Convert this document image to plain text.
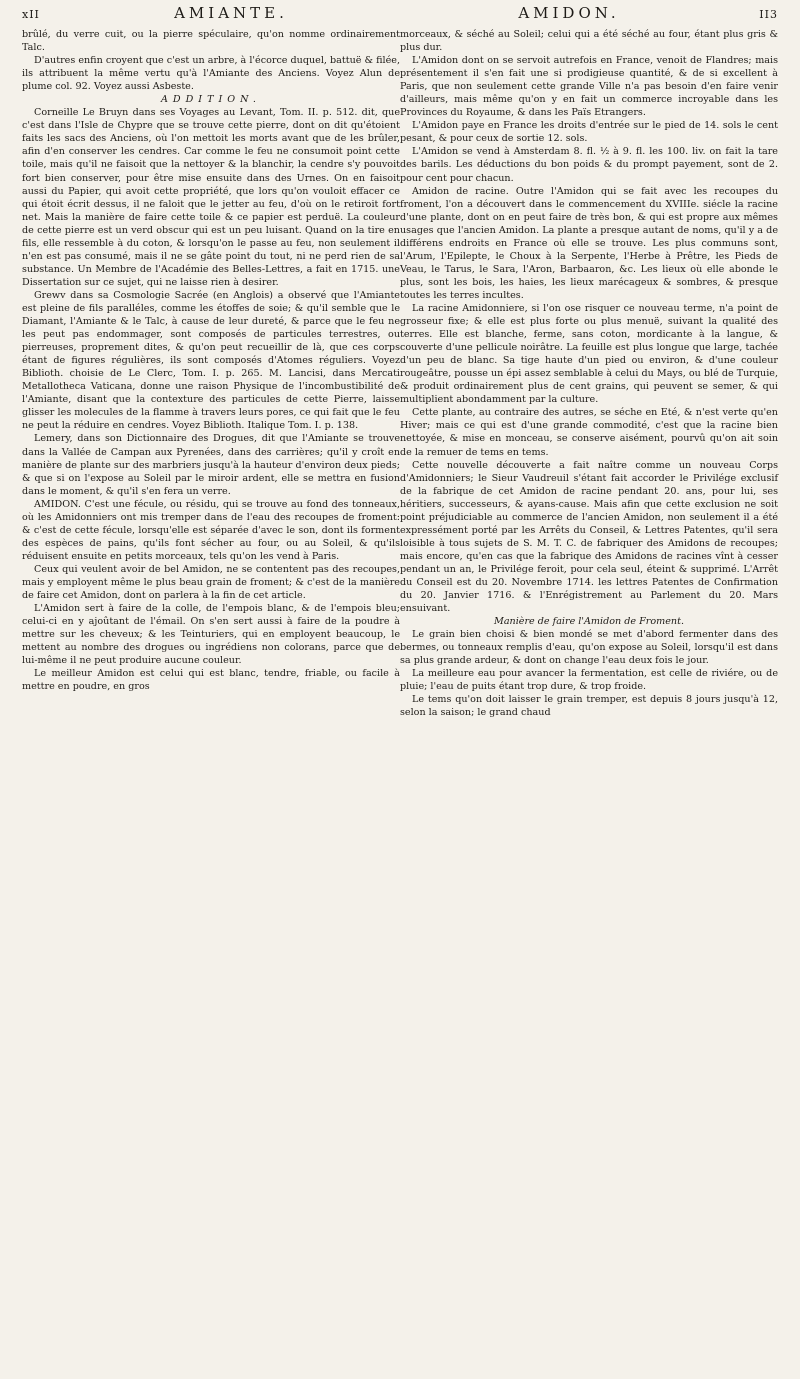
xII	AMIANTE.	AMIDON.	II3

brûlé, du verre cuit, ou la pierre spéculaire, qu'on nomme ordinairement Talc.

D'autres enfin croyent que c'est un arbre, à l'écorce duquel, battuë & filée, ils attribuent la même vertu qu'à l'Amiante des Anciens. Voyez Alun de plume col. 92. Voyez aussi Asbeste.

ADDITION.

Corneille Le Bruyn dans ses Voyages au Levant, Tom. II. p. 512. dit, que c'est dans l'Isle de Chypre que se trouve cette pierre, dont on dit qu'étoient faits les sacs des Anciens, où l'on mettoit les morts avant que de les brûler, afin d'en conserver les cendres. Car comme le feu ne consumoit point cette toile, mais qu'il ne faisoit que la nettoyer & la blanchir, la cendre s'y pouvoit fort bien conserver, pour être mise ensuite dans des Urnes. On en faisoit aussi du Papier, qui avoit cette propriété, que lors qu'on vouloit effacer ce qui étoit écrit dessus, il ne faloit que le jetter au feu, d'où on le retiroit fort net. Mais la manière de faire cette toile & ce papier est perduë. La couleur de cette pierre est un verd obscur qui est un peu luisant. Quand on la tire en fils, elle ressemble à du coton, & lorsqu'on le passe au feu, non seulement il n'en est pas consumé, mais il ne se gâte point du tout, ni ne perd rien de sa substance. Un Membre de l'Académie des Belles-Lettres, a fait en 1715. une Dissertation sur ce sujet, qui ne laisse rien à desirer.

Grewv dans sa Cosmologie Sacrée (en Anglois) a observé que l'Amiante est pleine de fils paralléles, comme les étoffes de soie; & qu'il semble que le Diamant, l'Amiante & le Talc, à cause de leur dureté, & parce que le feu ne les peut pas endommager, sont composés de particules terrestres, ou pierreuses, proprement dites, & qu'on peut recueillir de là, que ces corps étant de figures régulières, ils sont composés d'Atomes réguliers. Voyez Biblioth. choisie de Le Clerc, Tom. I. p. 265. M. Lancisi, dans Mercati Metallotheca Vaticana, donne une raison Physique de l'incombustibilité de l'Amiante, disant que la contexture des particules de cette Pierre, laisse glisser les molecules de la flamme à travers leurs pores, ce qui fait que le feu ne peut la réduire en cendres. Voyez Biblioth. Italique Tom. I. p. 138.

Lemery, dans son Dictionnaire des Drogues, dit que l'Amiante se trouve dans la Vallée de Campan aux Pyrenées, dans des carrières; qu'il y croît en manière de plante sur des marbriers jusqu'à la hauteur d'environ deux pieds; & que si on l'expose au Soleil par le miroir ardent, elle se mettra en fusion dans le moment, & qu'il s'en fera un verre.

AMIDON. C'est une fécule, ou résidu, qui se trouve au fond des tonneaux, où les Amidonniers ont mis tremper dans de l'eau des recoupes de froment: & c'est de cette fécule, lorsqu'elle est séparée d'avec le son, dont ils forment des espèces de pains, qu'ils font sécher au four, ou au Soleil, & qu'ils réduisent ensuite en petits morceaux, tels qu'on les vend à Paris.

Ceux qui veulent avoir de bel Amidon, ne se contentent pas des recoupes, mais y employent même le plus beau grain de froment; & c'est de la manière de faire cet Amidon, dont on parlera à la fin de cet article.

L'Amidon sert à faire de la colle, de l'empois blanc, & de l'empois bleu; celui-ci en y ajoûtant de l'émail. On s'en sert aussi à faire de la poudre à mettre sur les cheveux; & les Teinturiers, qui en employent beaucoup, le mettent au nombre des drogues ou ingrédiens non colorans, parce que de lui-même il ne peut produire aucune couleur.

Le meilleur Amidon est celui qui est blanc, tendre, friable, ou facile à mettre en poudre, en gros

morceaux, & séché au Soleil; celui qui a été séché au four, étant plus gris & plus dur.

L'Amidon dont on se servoit autrefois en France, venoit de Flandres; mais présentement il s'en fait une si prodigieuse quantité, & de si excellent à Paris, que non seulement cette grande Ville n'a pas besoin d'en faire venir d'ailleurs, mais même qu'on y en fait un commerce incroyable dans les Provinces du Royaume, & dans les Païs Etrangers.

L'Amidon paye en France les droits d'entrée sur le pied de 14. sols le cent pesant, & pour ceux de sortie 12. sols.

L'Amidon se vend à Amsterdam 8. fl. ½ à 9. fl. les 100. liv. on fait la tare des barils. Les déductions du bon poids & du prompt payement, sont de 2. pour cent pour chacun.

Amidon de racine. Outre l'Amidon qui se fait avec les recoupes du froment, l'on a découvert dans le commencement du XVIIIe. siécle la racine d'une plante, dont on en peut faire de très bon, & qui est propre aux mêmes usages que l'ancien Amidon. La plante a presque autant de noms, qu'il y a de différens endroits en France où elle se trouve. Les plus communs sont, l'Arum, l'Epilepte, le Choux à la Serpente, l'Herbe à Prêtre, les Pieds de Veau, le Tarus, le Sara, l'Aron, Barbaaron, &c. Les lieux où elle abonde le plus, sont les bois, les haies, les lieux marécageux & sombres, & presque toutes les terres incultes.

La racine Amidonniere, si l'on ose risquer ce nouveau terme, n'a point de grosseur fixe; & elle est plus forte ou plus menuë, suivant la qualité des terres. Elle est blanche, ferme, sans coton, mordicante à la langue, & couverte d'une pellicule noirâtre. La feuille est plus longue que large, tachée d'un peu de blanc. Sa tige haute d'un pied ou environ, & d'une couleur rougeâtre, pousse un épi assez semblable à celui du Mays, ou blé de Turquie, & produit ordinairement plus de cent grains, qui peuvent se semer, & qui multiplient abondamment par la culture.

Cette plante, au contraire des autres, se séche en Eté, & n'est verte qu'en Hiver; mais ce qui est d'une grande commodité, c'est que la racine bien nettoyée, & mise en monceau, se conserve aisément, pourvû qu'on ait soin de la remuer de tems en tems.

Cette nouvelle découverte a fait naître comme un nouveau Corps d'Amidonniers; le Sieur Vaudreuil s'étant fait accorder le Privilége exclusif de la fabrique de cet Amidon de racine pendant 20. ans, pour lui, ses héritiers, successeurs, & ayans-cause. Mais afin que cette exclusion ne soit point préjudiciable au commerce de l'ancien Amidon, non seulement il a été expressément porté par les Arrêts du Conseil, & Lettres Patentes, qu'il sera loisible à tous sujets de S. M. T. C. de fabriquer des Amidons de recoupes; mais encore, qu'en cas que la fabrique des Amidons de racines vînt à cesser pendant un an, le Privilége feroit, pour cela seul, éteint & supprimé. L'Arrêt du Conseil est du 20. Novembre 1714. les lettres Patentes de Confirmation du 20. Janvier 1716. & l'Enrégistrement au Parlement du 20. Mars ensuivant.

Manière de faire l'Amidon de Froment.

Le grain bien choisi & bien mondé se met d'abord fermenter dans des bermes, ou tonneaux remplis d'eau, qu'on expose au Soleil, lorsqu'il est dans sa plus grande ardeur, & dont on change l'eau deux fois le jour.

La meilleure eau pour avancer la fermentation, est celle de riviére, ou de pluie; l'eau de puits étant trop dure, & trop froide.

Le tems qu'on doit laisser le grain tremper, est depuis 8 jours jusqu'à 12, selon la saison; le grand chaud
